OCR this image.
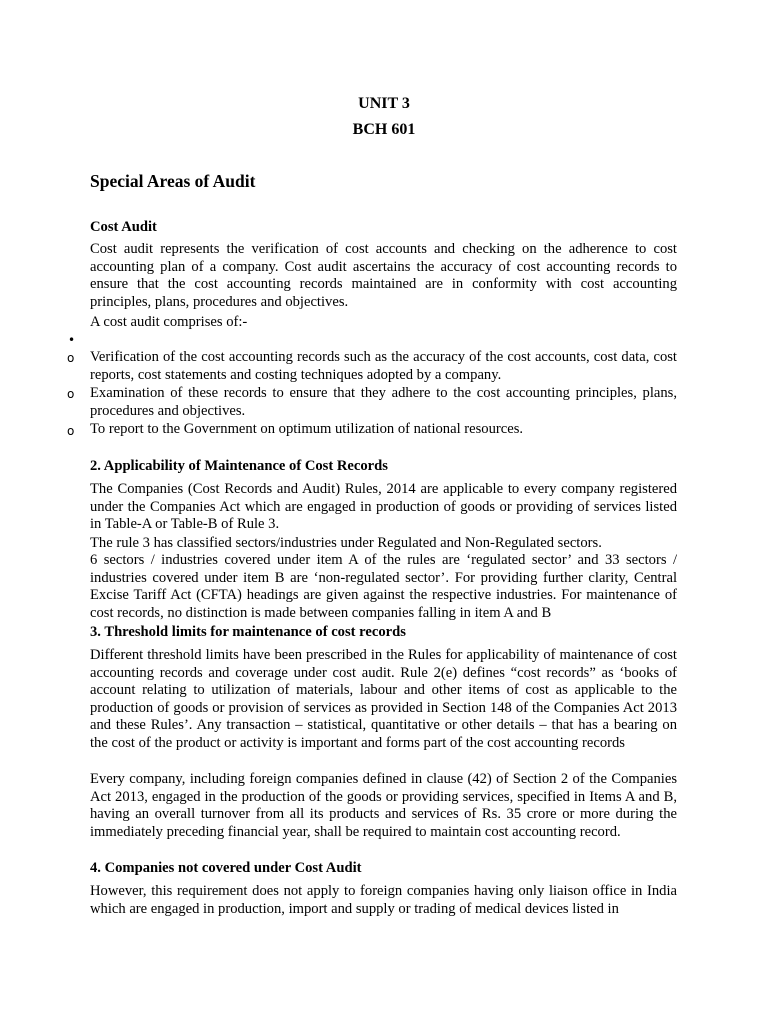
UNIT 3
BCH 601
Special Areas of Audit
Cost Audit

Cost audit represents the verification of cost accounts and checking on the adherence to cost accounting plan of a company. Cost audit ascertains the accuracy of cost accounting records to ensure that the cost accounting records maintained are in conformity with cost accounting principles, plans, procedures and objectives.

A cost audit comprises of:-

•
o Verification of the cost accounting records such as the accuracy of the cost accounts, cost data, cost reports, cost statements and costing techniques adopted by a company.

o Examination of these records to ensure that they adhere to the cost accounting principles, plans, procedures and objectives.

o To report to the Government on optimum utilization of national resources.

2. Applicability of Maintenance of Cost Records

The Companies (Cost Records and Audit) Rules, 2014 are applicable to every company registered under the Companies Act which are engaged in production of goods or providing of services listed in Table-A or Table-B of Rule 3.

The rule 3 has classified sectors/industries under Regulated and Non-Regulated sectors.

6 sectors / industries covered under item A of the rules are ‘regulated sector’ and 33 sectors / industries covered under item B are ‘non-regulated sector’. For providing further clarity, Central Excise Tariff Act (CFTA) headings are given against the respective industries. For maintenance of cost records, no distinction is made between companies falling in item A and B

3. Threshold limits for maintenance of cost records

Different threshold limits have been prescribed in the Rules for applicability of maintenance of cost accounting records and coverage under cost audit. Rule 2(e) defines “cost records” as ‘books of account relating to utilization of materials, labour and other items of cost as applicable to the production of goods or provision of services as provided in Section 148 of the Companies Act 2013 and these Rules’. Any transaction – statistical, quantitative or other details – that has a bearing on the cost of the product or activity is important and forms part of the cost accounting records

Every company, including foreign companies defined in clause (42) of Section 2 of the Companies Act 2013, engaged in the production of the goods or providing services, specified in Items A and B, having an overall turnover from all its products and services of Rs. 35 crore or more during the immediately preceding financial year, shall be required to maintain cost accounting record.

4. Companies not covered under Cost Audit

However, this requirement does not apply to foreign companies having only liaison office in India which are engaged in production, import and supply or trading of medical devices listed in
